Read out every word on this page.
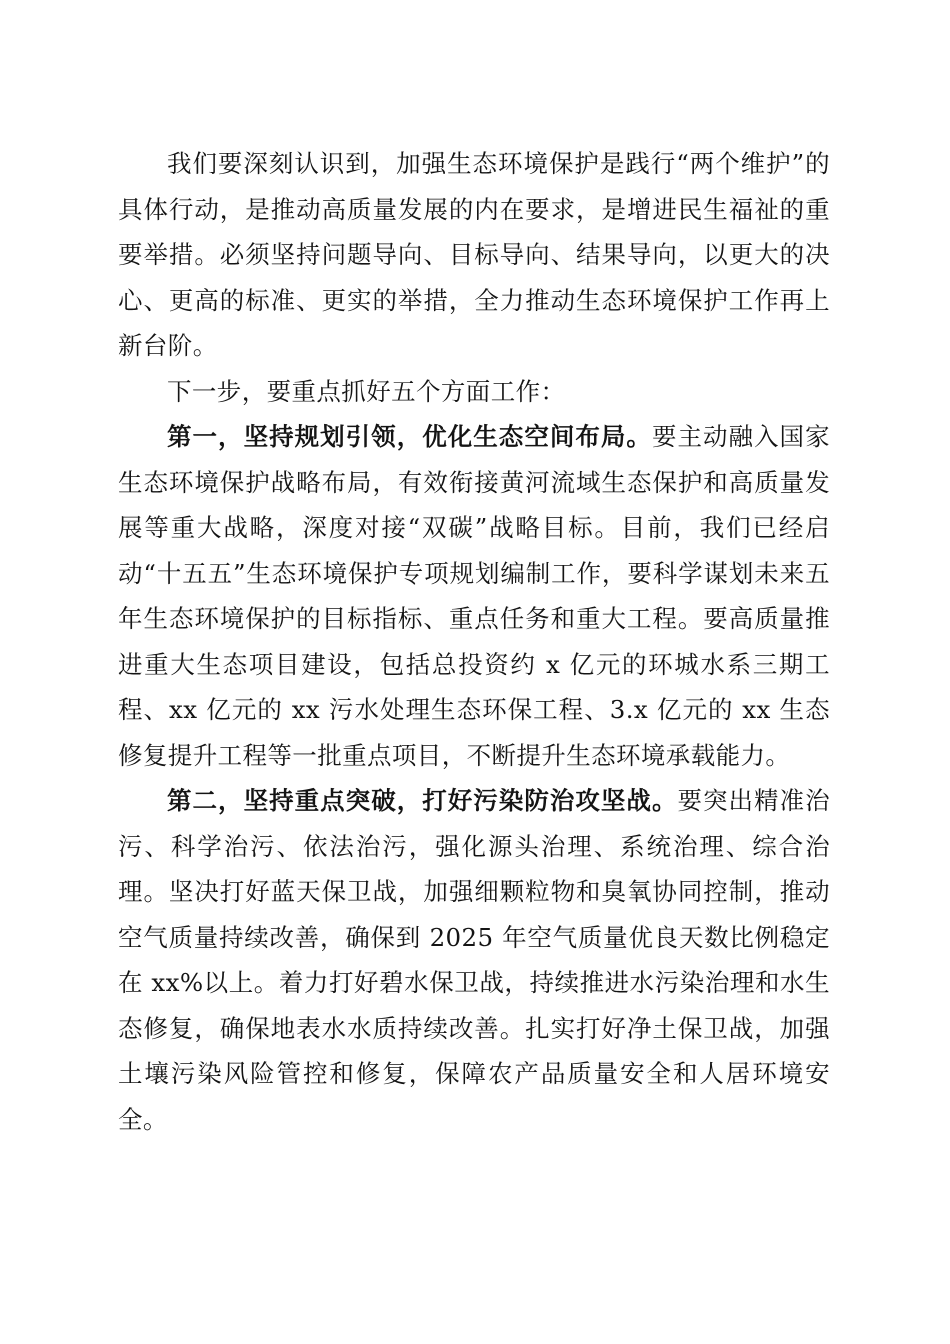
我们要深刻认识到，加强生态环境保护是践行“两个维护”的具体行动，是推动高质量发展的内在要求，是增进民生福祉的重要举措。必须坚持问题导向、目标导向、结果导向，以更大的决心、更高的标准、更实的举措，全力推动生态环境保护工作再上新台阶。

下一步，要重点抓好五个方面工作：

第一，坚持规划引领，优化生态空间布局。要主动融入国家生态环境保护战略布局，有效衔接黄河流域生态保护和高质量发展等重大战略，深度对接“双碳”战略目标。目前，我们已经启动“十五五”生态环境保护专项规划编制工作，要科学谋划未来五年生态环境保护的目标指标、重点任务和重大工程。要高质量推进重大生态项目建设，包括总投资约 x 亿元的环城水系三期工程、xx 亿元的 xx 污水处理生态环保工程、3.x 亿元的 xx 生态修复提升工程等一批重点项目，不断提升生态环境承载能力。

第二，坚持重点突破，打好污染防治攻坚战。要突出精准治污、科学治污、依法治污，强化源头治理、系统治理、综合治理。坚决打好蓝天保卫战，加强细颗粒物和臭氧协同控制，推动空气质量持续改善，确保到 2025 年空气质量优良天数比例稳定在 xx%以上。着力打好碧水保卫战，持续推进水污染治理和水生态修复，确保地表水水质持续改善。扎实打好净土保卫战，加强土壤污染风险管控和修复，保障农产品质量安全和人居环境安全。
